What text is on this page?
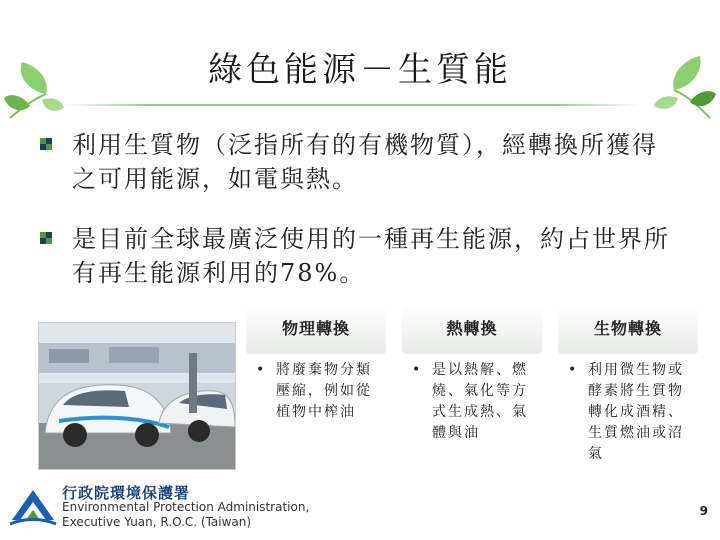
綠色能源－生質能
利用生質物（泛指所有的有機物質），經轉換所獲得之可用能源，如電與熱。
是目前全球最廣泛使用的一種再生能源，約占世界所有再生能源利用的78%。
物理轉換
• 將廢棄物分類壓縮，例如從植物中榨油
熱轉換
• 是以熱解、燃燒、氣化等方式生成熱、氣體與油
生物轉換
• 利用微生物或酵素將生質物轉化成酒精、生質燃油或沼氣
行政院環境保護署
Environmental Protection Administration,
Executive Yuan, R.O.C. (Taiwan)
9
